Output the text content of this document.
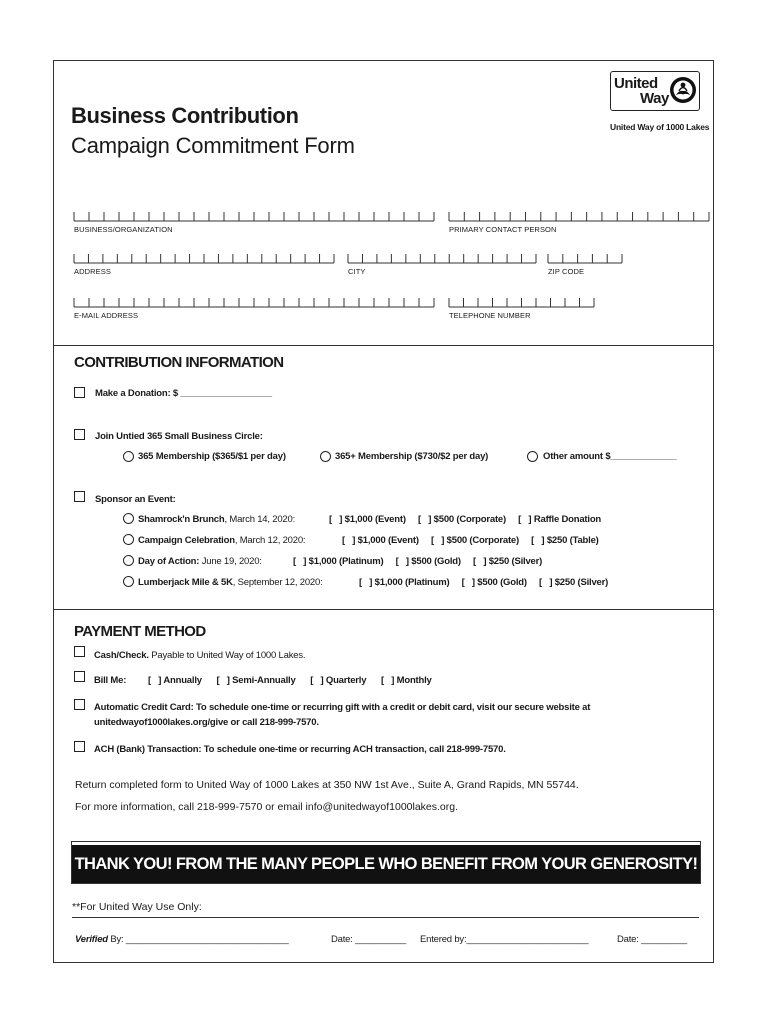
Business Contribution
Campaign Commitment Form
United
Way
United Way of 1000 Lakes
BUSINESS/ORGANIZATION	PRIMARY CONTACT PERSON
ADDRESS	CITY	ZIP CODE
E-MAIL ADDRESS	TELEPHONE NUMBER
CONTRIBUTION INFORMATION
Make a Donation: $ __________________
Join Untied 365 Small Business Circle:
365 Membership ($365/$1 per day)	365+ Membership ($730/$2 per day)	Other amount $_____________
Sponsor an Event:
Shamrock'n Brunch, March 14, 2020:	[   ] $1,000 (Event)     [   ] $500 (Corporate)     [   ] Raffle Donation
Campaign Celebration, March 12, 2020:	[   ] $1,000 (Event)     [   ] $500 (Corporate)     [   ] $250 (Table)
Day of Action: June 19, 2020:	[   ] $1,000 (Platinum)     [   ] $500 (Gold)     [   ] $250 (Silver)
Lumberjack Mile & 5K, September 12, 2020:	[   ] $1,000 (Platinum)     [   ] $500 (Gold)     [   ] $250 (Silver)
PAYMENT METHOD
Cash/Check. Payable to United Way of 1000 Lakes.
Bill Me: [   ] Annually      [   ] Semi-Annually      [   ] Quarterly      [   ] Monthly
Automatic Credit Card: To schedule one-time or recurring gift with a credit or debit card, visit our secure website at
unitedwayof1000lakes.org/give or call 218-999-7570.
ACH (Bank) Transaction: To schedule one-time or recurring ACH transaction, call 218-999-7570.
Return completed form to United Way of 1000 Lakes at 350 NW 1st Ave., Suite A, Grand Rapids, MN 55744.
For more information, call 218-999-7570 or email info@unitedwayof1000lakes.org.
THANK YOU! FROM THE MANY PEOPLE WHO BENEFIT FROM YOUR GENEROSITY!
**For United Way Use Only:
Verified By: ________________________________	Date: __________ Entered by:________________________	Date: _________
